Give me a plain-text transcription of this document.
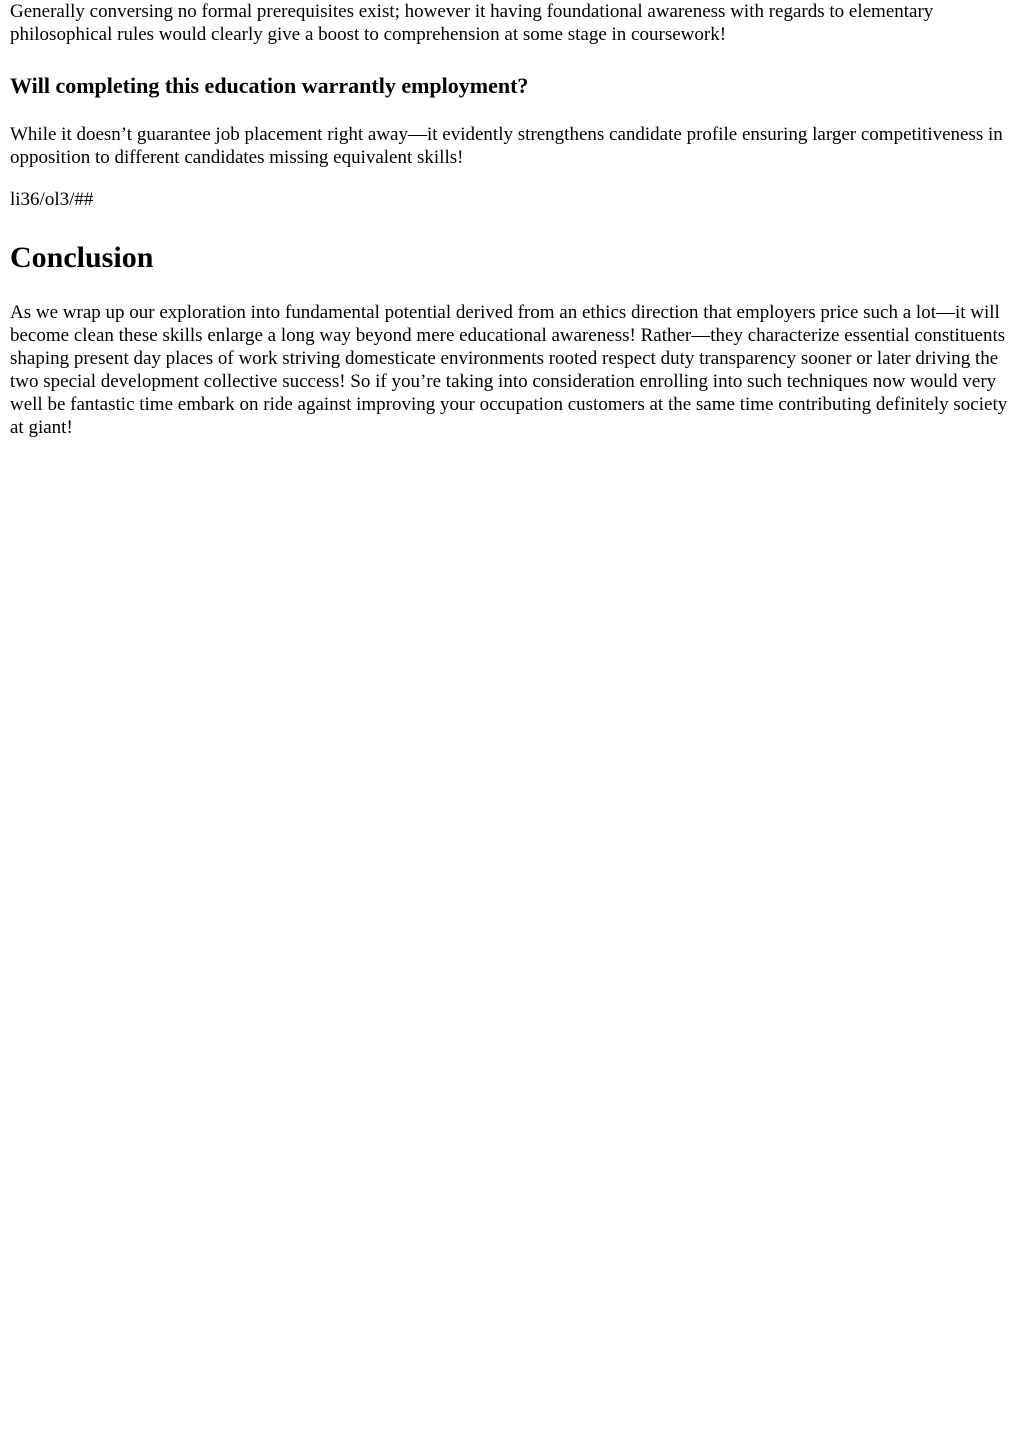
Generally conversing no formal prerequisites exist; however it having foundational awareness with regards to elementary philosophical rules would clearly give a boost to comprehension at some stage in coursework!

Will completing this education warrantly employment?

While it doesn’t guarantee job placement right away—it evidently strengthens candidate profile ensuring larger competitiveness in opposition to different candidates missing equivalent skills!

li36/ol3/##

Conclusion

As we wrap up our exploration into fundamental potential derived from an ethics direction that employers price such a lot—it will become clean these skills enlarge a long way beyond mere educational awareness! Rather—they characterize essential constituents shaping present day places of work striving domesticate environments rooted respect duty transparency sooner or later driving the two special development collective success! So if you’re taking into consideration enrolling into such techniques now would very well be fantastic time embark on ride against improving your occupation customers at the same time contributing definitely society at giant!
